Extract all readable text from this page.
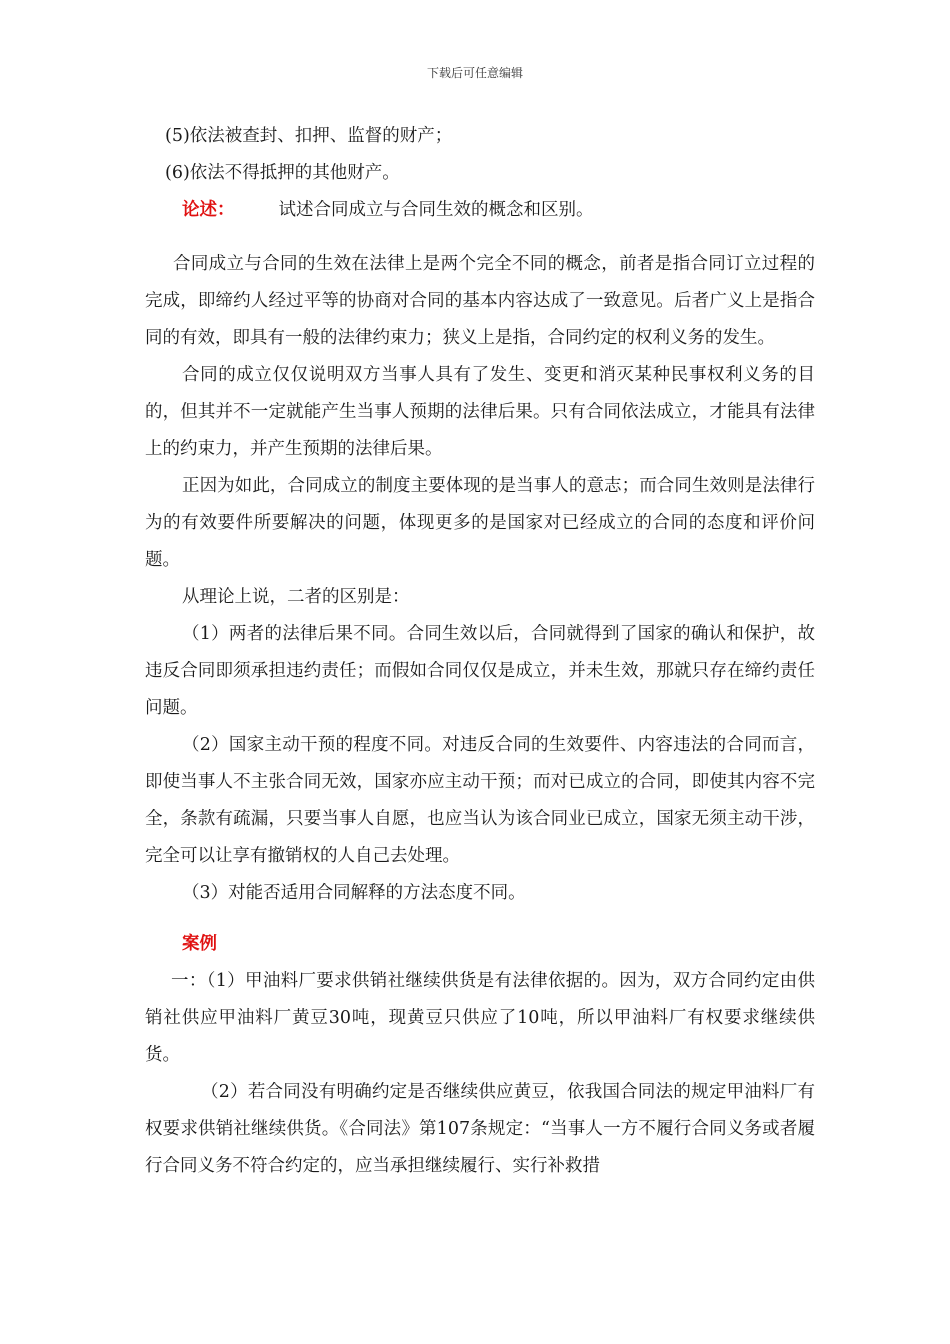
下载后可任意编辑
(5)依法被查封、扣押、监督的财产；
(6)依法不得抵押的其他财产。
论述：	试述合同成立与合同生效的概念和区别。

合同成立与合同的生效在法律上是两个完全不同的概念，前者是指合同订立过程的完成，即缔约人经过平等的协商对合同的基本内容达成了一致意见。后者广义上是指合同的有效，即具有一般的法律约束力；狭义上是指，合同约定的权利义务的发生。

合同的成立仅仅说明双方当事人具有了发生、变更和消灭某种民事权利义务的目的，但其并不一定就能产生当事人预期的法律后果。只有合同依法成立，才能具有法律上的约束力，并产生预期的法律后果。

正因为如此，合同成立的制度主要体现的是当事人的意志；而合同生效则是法律行为的有效要件所要解决的问题，体现更多的是国家对已经成立的合同的态度和评价问题。

从理论上说，二者的区别是：

（1）两者的法律后果不同。合同生效以后，合同就得到了国家的确认和保护，故违反合同即须承担违约责任；而假如合同仅仅是成立，并未生效，那就只存在缔约责任问题。

（2）国家主动干预的程度不同。对违反合同的生效要件、内容违法的合同而言，即使当事人不主张合同无效，国家亦应主动干预；而对已成立的合同，即使其内容不完全，条款有疏漏，只要当事人自愿，也应当认为该合同业已成立，国家无须主动干涉，完全可以让享有撤销权的人自己去处理。

（3）对能否适用合同解释的方法态度不同。

案例

一：（1）甲油料厂要求供销社继续供货是有法律依据的。因为，双方合同约定由供销社供应甲油料厂黄豆30吨，现黄豆只供应了10吨，所以甲油料厂有权要求继续供货。

（2）若合同没有明确约定是否继续供应黄豆，依我国合同法的规定甲油料厂有权要求供销社继续供货。《合同法》第107条规定：“当事人一方不履行合同义务或者履行合同义务不符合约定的，应当承担继续履行、实行补救措
